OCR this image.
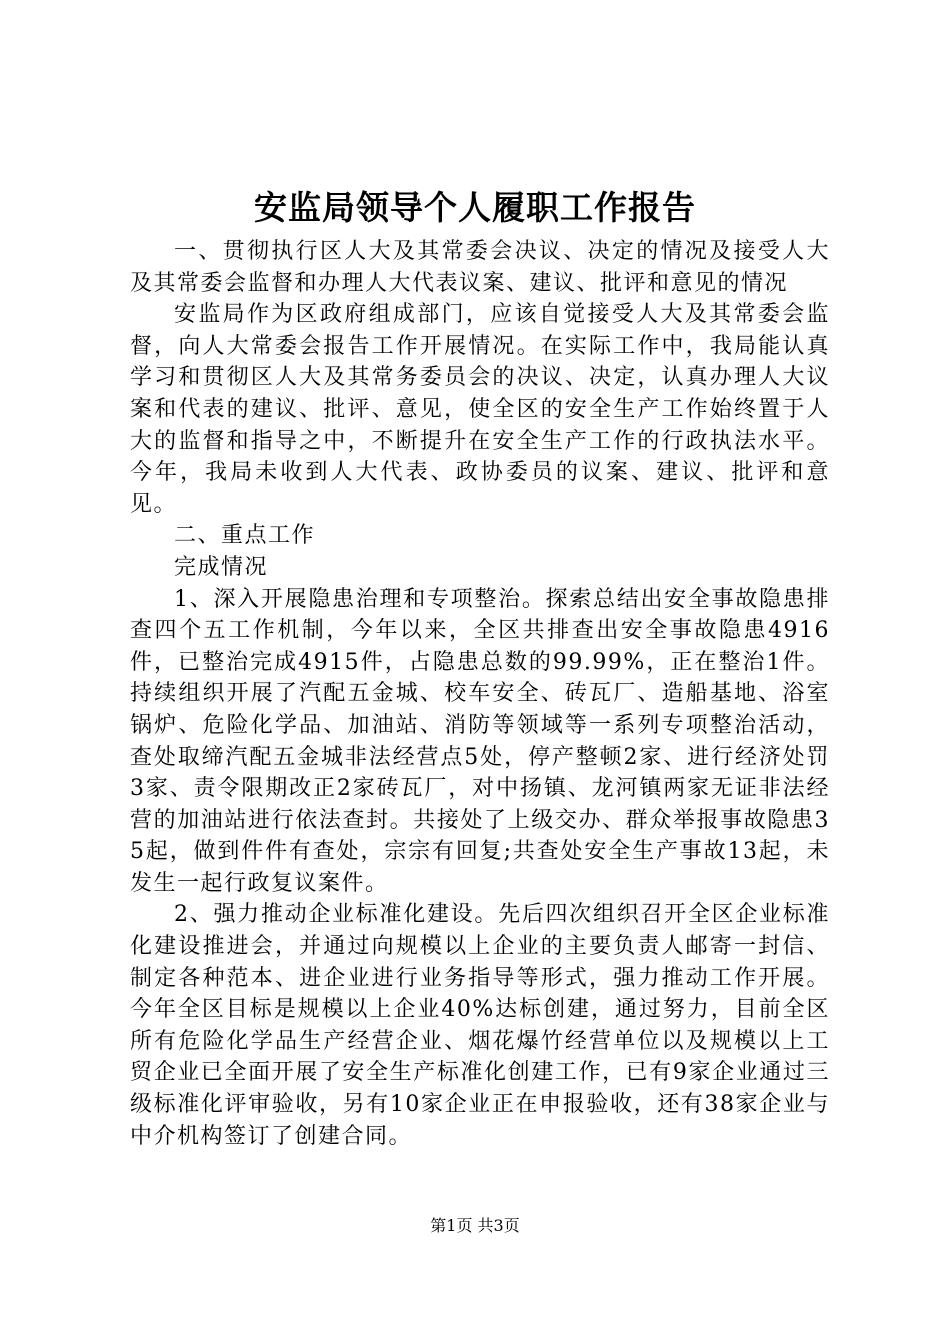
安监局领导个人履职工作报告

一、贯彻执行区人大及其常委会决议、决定的情况及接受人大及其常委会监督和办理人大代表议案、建议、批评和意见的情况

安监局作为区政府组成部门，应该自觉接受人大及其常委会监督，向人大常委会报告工作开展情况。在实际工作中，我局能认真学习和贯彻区人大及其常务委员会的决议、决定，认真办理人大议案和代表的建议、批评、意见，使全区的安全生产工作始终置于人大的监督和指导之中，不断提升在安全生产工作的行政执法水平。今年，我局未收到人大代表、政协委员的议案、建议、批评和意见。

二、重点工作

完成情况

1、深入开展隐患治理和专项整治。探索总结出安全事故隐患排查四个五工作机制，今年以来，全区共排查出安全事故隐患4916件，已整治完成4915件，占隐患总数的99.99%，正在整治1件。持续组织开展了汽配五金城、校车安全、砖瓦厂、造船基地、浴室锅炉、危险化学品、加油站、消防等领域等一系列专项整治活动，查处取缔汽配五金城非法经营点5处，停产整顿2家、进行经济处罚3家、责令限期改正2家砖瓦厂，对中扬镇、龙河镇两家无证非法经营的加油站进行依法查封。共接处了上级交办、群众举报事故隐患35起，做到件件有查处，宗宗有回复;共查处安全生产事故13起，未发生一起行政复议案件。

2、强力推动企业标准化建设。先后四次组织召开全区企业标准化建设推进会，并通过向规模以上企业的主要负责人邮寄一封信、制定各种范本、进企业进行业务指导等形式，强力推动工作开展。今年全区目标是规模以上企业40%达标创建，通过努力，目前全区所有危险化学品生产经营企业、烟花爆竹经营单位以及规模以上工贸企业已全面开展了安全生产标准化创建工作，已有9家企业通过三级标准化评审验收，另有10家企业正在申报验收，还有38家企业与中介机构签订了创建合同。

第1页 共3页
